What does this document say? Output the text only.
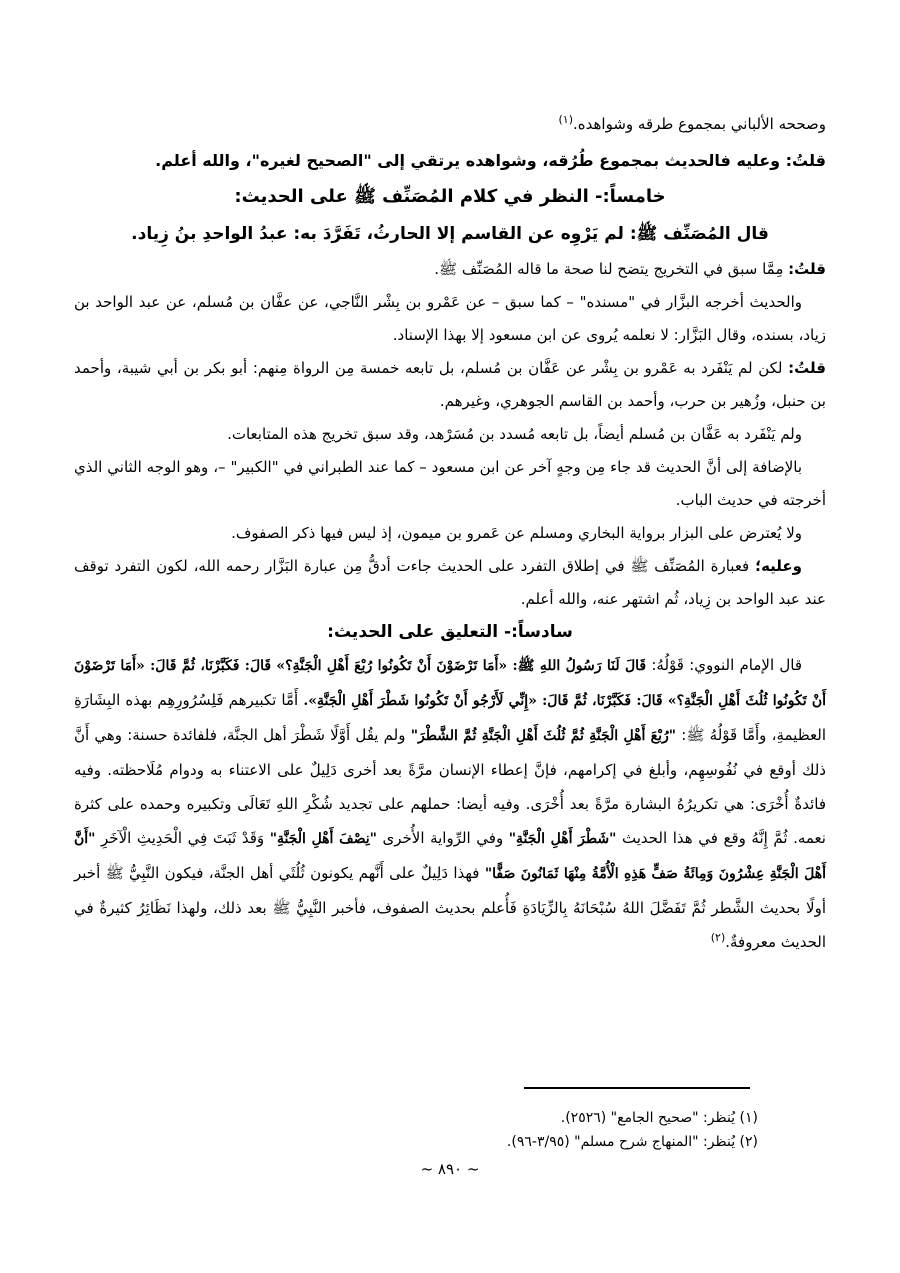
وصححه الألباني بمجموع طرقه وشواهده.$^{(١)}$

قلتُ: وعليه فالحديث بمجموع طُرُقه، وشواهده يرتقي إلى "الصحيح لغيره"، والله أعلم.

خامساً:- النظر في كلام المُصَنِّف ﷺ على الحديث:

قال المُصَنِّف ﷺ: لم يَرْوِه عن القاسم إلا الحارثُ، تَفَرَّدَ به: عبدُ الواحدِ بنُ زِياد.

قلتُ: مِمَّا سبق في التخريج يتضح لنا صحة ما قاله المُصَنِّف ﷺ.

والحديث أخرجه البزَّار في "مسنده" – كما سبق – عن عَمْرو بن بِشْر النَّاجي، عن عفَّان بن مُسلم، عن عبد الواحد بن زياد، بسنده، وقال البَزَّار: لا نعلمه يُروى عن ابن مسعود إلا بهذا الإسناد.

قلتُ: لكن لم يَنْفَرد به عَمْرو بن بِشْر عن عَفَّان بن مُسلم، بل تابعه خمسة مِن الرواة مِنهم: أبو بكر بن أبي شيبة، وأحمد بن حنبل، وزُهير بن حرب، وأحمد بن القاسم الجوهري، وغيرهم.

ولم يَنْفَرد به عَفَّان بن مُسلم أيضاً، بل تابعه مُسدد بن مُسَرْهد، وقد سبق تخريج هذه المتابعات.

بالإضافة إلى أنَّ الحديث قد جاء مِن وجهٍ آخر عن ابن مسعود – كما عند الطبراني في "الكبير" –، وهو الوجه الثاني الذي أخرجته في حديث الباب.

ولا يُعترض على البزار برواية البخاري ومسلم عن عَمرو بن ميمون، إذ ليس فيها ذكر الصفوف.

وعليه؛ فعبارة المُصَنِّف ﷺ في إطلاق التفرد على الحديث جاءت أدقُّ مِن عبارة البَزَّار رحمه الله، لكون التفرد توقف عند عبد الواحد بن زِياد، ثُم اشتهر عنه، والله أعلم.

سادساً:- التعليق على الحديث:

قال الإمام النووي: قَوْلُهُ: قَالَ لَنَا رَسُولُ اللهِ ﷺ: «أَمَا تَرْضَوْنَ أَنْ تَكُونُوا رُبْعَ أَهْلِ الْجَنَّةِ؟» قَالَ: فَكَبَّرْنَا، ثُمَّ قَالَ: «أَمَا تَرْضَوْنَ أَنْ تَكُونُوا ثُلُثَ أَهْلِ الْجَنَّةِ؟» قَالَ: فَكَبَّرْنَا، ثُمَّ قَالَ: «إِنِّي لَأَرْجُو أَنْ تَكُونُوا شَطْرَ أَهْلِ الْجَنَّةِ». أَمَّا تكبيرهم فَلِسُرُورِهِم بهذه البِشَارَةِ العظيمةِ، وأَمَّا قَوْلُهُ ﷺ: "رُبْعَ أَهْلِ الْجَنَّةِ ثُمَّ ثُلُثَ أَهْلِ الْجَنَّةِ ثُمَّ الشَّطْرَ" ولم يقُل أَوَّلًا شَطْرَ أهل الجنَّة، فلفائدة حسنة: وهي أَنَّ ذلك أوقع في نُفُوسِهِم، وأبلغ في إكرامهم، فإنَّ إعطاء الإنسان مرَّةً بعد أخرى دَلِيلٌ على الاعتناء به ودوام مُلَاحظته. وفيه فائدةٌ أُخْرَى: هي تكريرُهُ البشارة مرَّةً بعد أُخْرَى. وفيه أيضا: حملهم على تجديد شُكْرِ اللهِ تَعَالَى وتكبيره وحمده على كثرة نعمه. ثُمَّ إِنَّهُ وقع في هذا الحديث "شَطْرَ أَهْلِ الْجَنَّةِ" وفي الرِّواية الأُخرى "نِصْفَ أَهْلِ الْجَنَّةِ" وَقَدْ ثَبَتَ فِي الْحَدِيثِ الْآخَرِ "أَنَّ أَهْلَ الْجَنَّةِ عِشْرُونَ وَمِائَةُ صَفٍّ هَذِهِ الْأُمَّةُ مِنْهَا ثَمَانُونَ صَفًّا" فهذا دَلِيلٌ على أَنَّهم يكونون ثُلُثَي أهل الجنَّة، فيكون النَّبِيُّ ﷺ أخبر أولًا بحديث الشَّطر ثُمَّ تَفَضَّلَ اللهُ سُبْحَانَهُ بِالزِّيَادَةِ فَأُعلم بحديث الصفوف، فأخبر النَّبِيُّ ﷺ بعد ذلك، ولهذا نَظَائِرُ كثيرةٌ في الحديث معروفةٌ.$^{(٢)}$

(١) يُنظر: "صحيح الجامع" (٢٥٢٦).
(٢) يُنظر: "المنهاج شرح مسلم" (٣/٩٥-٩٦).
~ ٨٩٠ ~
